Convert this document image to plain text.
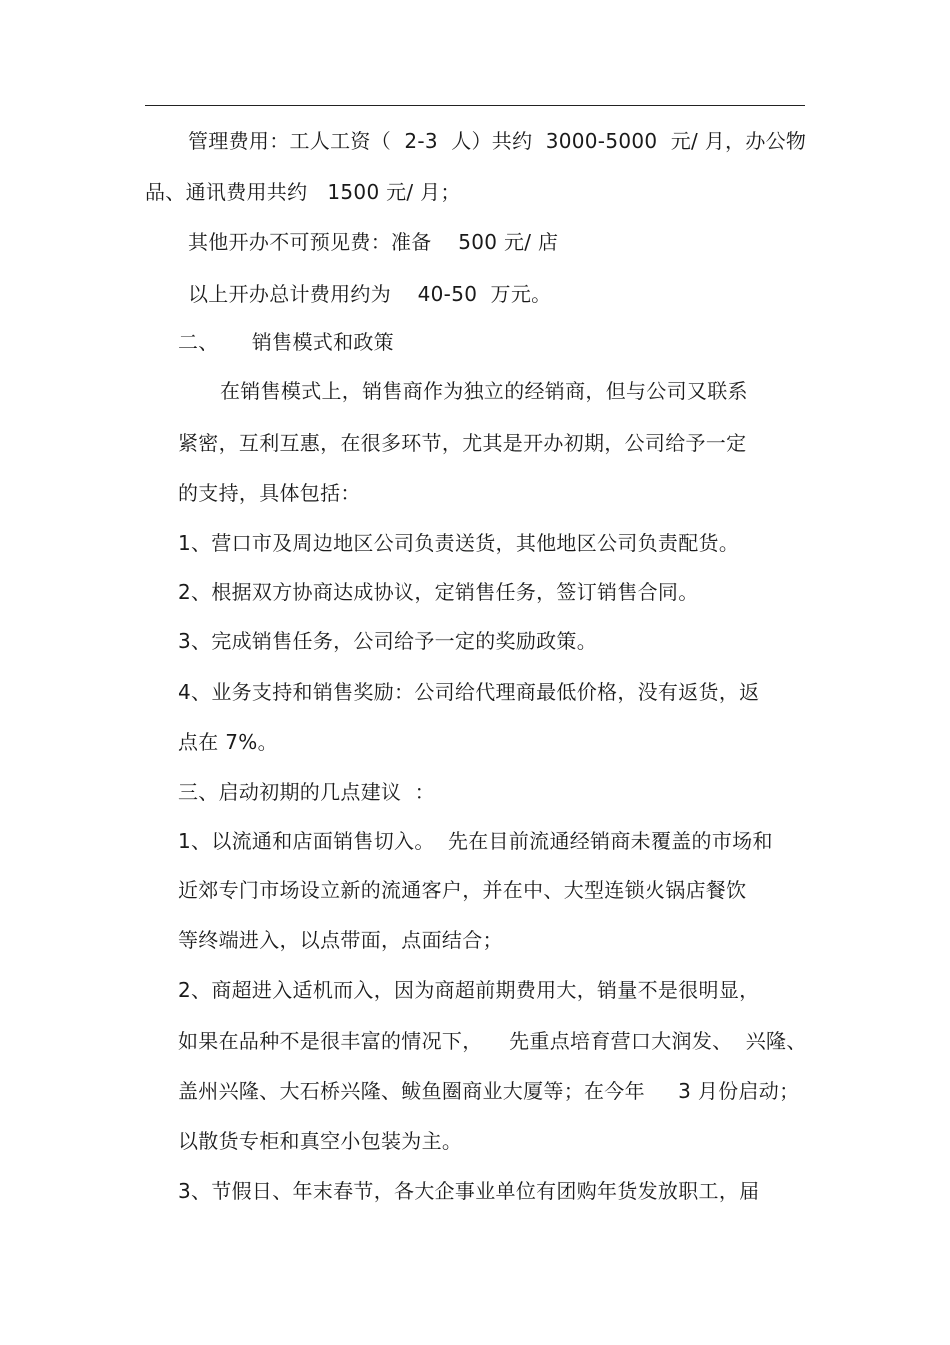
管理费用：工人工资（  2-3  人）共约  3000-5000  元/ 月，办公物
品、通讯费用共约   1500 元/ 月；
其他开办不可预见费：准备    500 元/ 店
以上开办总计费用约为    40-50  万元。
二、     销售模式和政策
在销售模式上，销售商作为独立的经销商，但与公司又联系
紧密，互利互惠，在很多环节，尤其是开办初期，公司给予一定
的支持，具体包括：
1、营口市及周边地区公司负责送货，其他地区公司负责配货。
2、根据双方协商达成协议，定销售任务，签订销售合同。
3、完成销售任务，公司给予一定的奖励政策。
4、业务支持和销售奖励：公司给代理商最低价格，没有返货，返
点在 7%。
三、启动初期的几点建议  ：
1、以流通和店面销售切入。  先在目前流通经销商未覆盖的市场和
近郊专门市场设立新的流通客户，并在中、大型连锁火锅店餐饮
等终端进入，以点带面，点面结合；
2、商超进入适机而入，因为商超前期费用大，销量不是很明显，
如果在品种不是很丰富的情况下，    先重点培育营口大润发、  兴隆、
盖州兴隆、大石桥兴隆、鲅鱼圈商业大厦等；在今年     3 月份启动；
以散货专柜和真空小包装为主。
3、节假日、年末春节，各大企事业单位有团购年货发放职工，届
